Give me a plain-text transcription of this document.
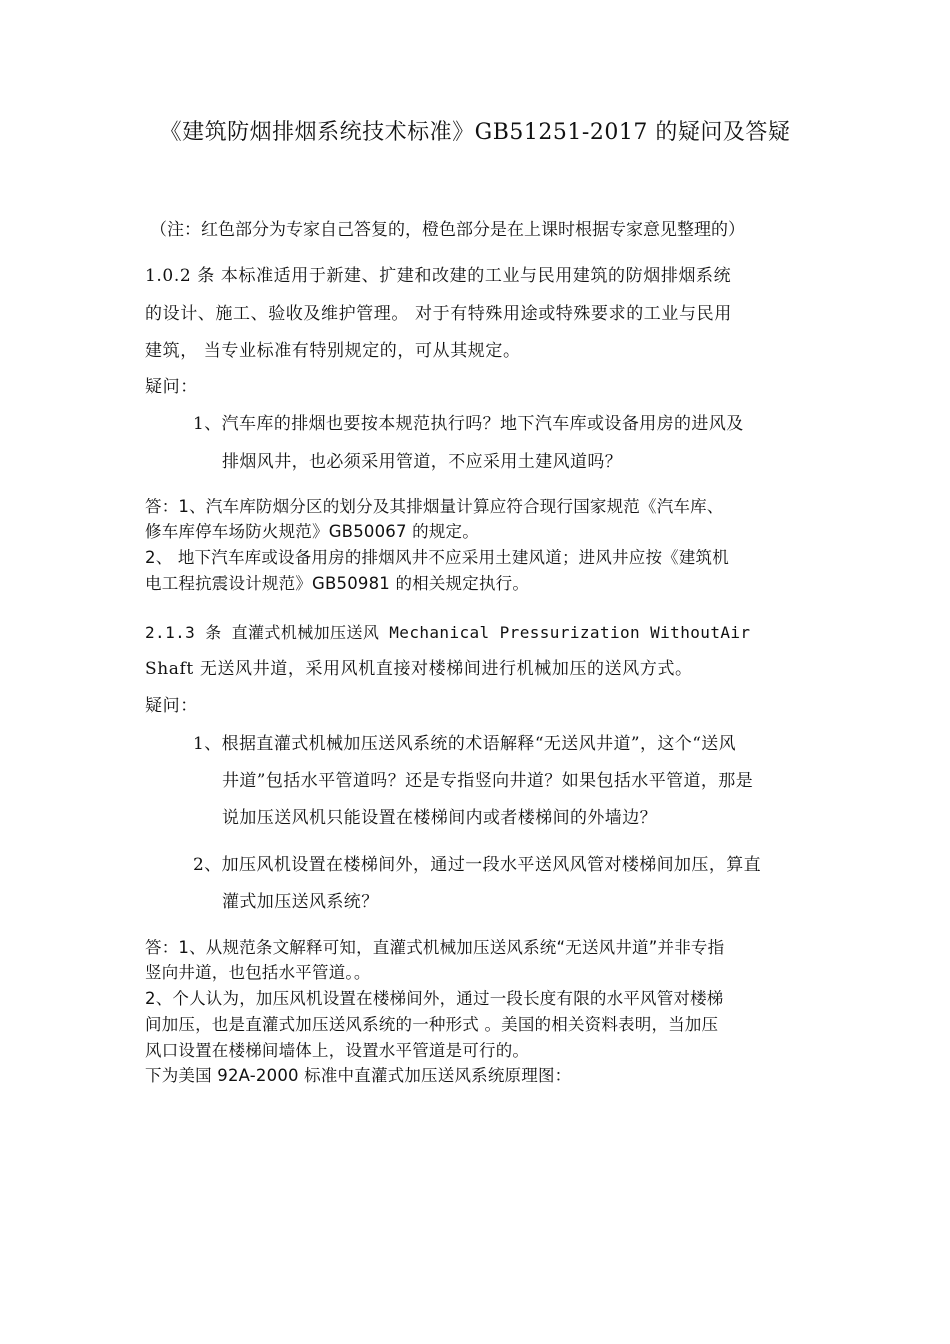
《建筑防烟排烟系统技术标准》GB51251-2017 的疑问及答疑
（注：红色部分为专家自己答复的，橙色部分是在上课时根据专家意见整理的）
1.0.2 条 本标准适用于新建、扩建和改建的工业与民用建筑的防烟排烟系统
的设计、施工、验收及维护管理。 对于有特殊用途或特殊要求的工业与民用
建筑， 当专业标准有特别规定的，可从其规定。
疑问：
1、汽车库的排烟也要按本规范执行吗？地下汽车库或设备用房的进风及
排烟风井，也必须采用管道，不应采用土建风道吗？
答：1、汽车库防烟分区的划分及其排烟量计算应符合现行国家规范《汽车库、
修车库停车场防火规范》GB50067 的规定。
2、 地下汽车库或设备用房的排烟风井不应采用土建风道；进风井应按《建筑机
电工程抗震设计规范》GB50981 的相关规定执行。
2.1.3 条 直灌式机械加压送风 Mechanical Pressurization WithoutAir
Shaft 无送风井道，采用风机直接对楼梯间进行机械加压的送风方式。
疑问：
1、根据直灌式机械加压送风系统的术语解释“无送风井道”，这个“送风
井道”包括水平管道吗？还是专指竖向井道？如果包括水平管道，那是
说加压送风机只能设置在楼梯间内或者楼梯间的外墙边？
2、加压风机设置在楼梯间外，通过一段水平送风风管对楼梯间加压，算直
灌式加压送风系统？
答：1、从规范条文解释可知，直灌式机械加压送风系统“无送风井道”并非专指
竖向井道，也包括水平管道。。
2、个人认为，加压风机设置在楼梯间外，通过一段长度有限的水平风管对楼梯
间加压，也是直灌式加压送风系统的一种形式 。美国的相关资料表明，当加压
风口设置在楼梯间墙体上，设置水平管道是可行的。
下为美国 92A-2000 标准中直灌式加压送风系统原理图：
